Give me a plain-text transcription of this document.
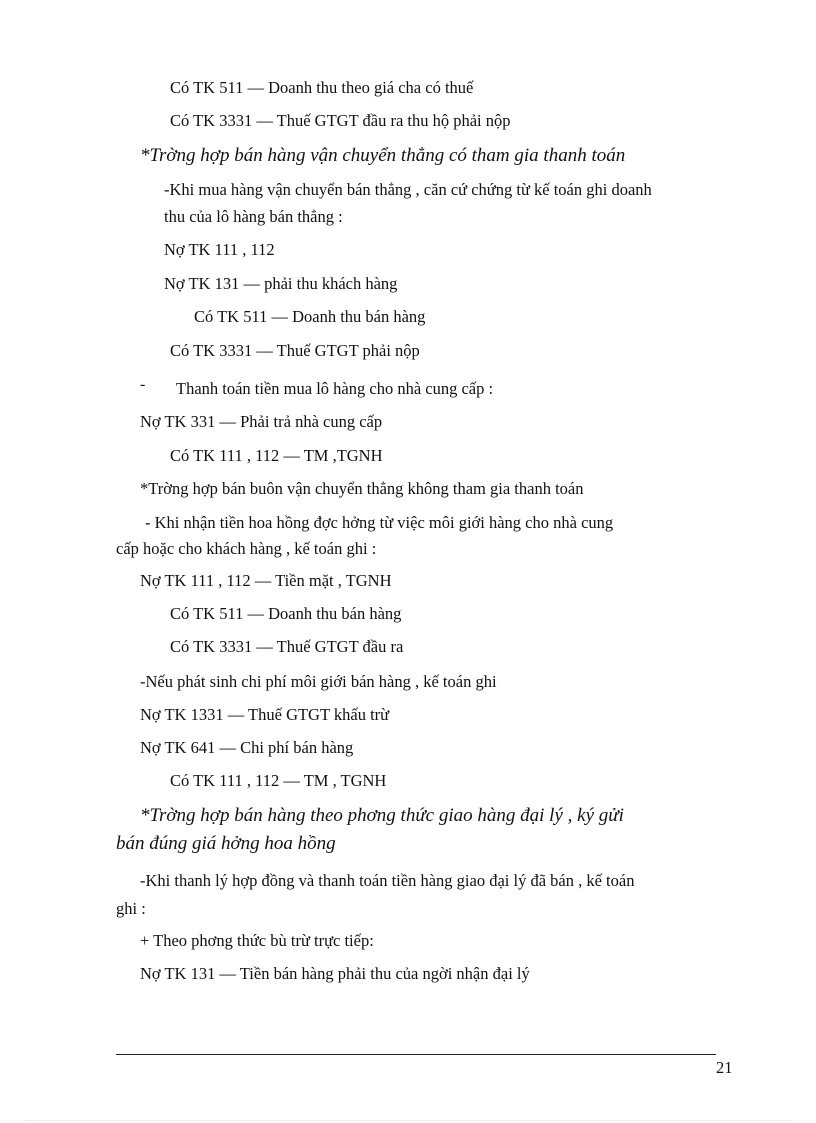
Có TK 511 — Doanh thu theo giá cha có thuế
Có TK 3331 — Thuế GTGT đầu ra thu hộ phải nộp
*Trờng hợp bán hàng vận chuyển thẳng có tham gia thanh toán
-Khi mua hàng vận chuyển bán thẳng , căn cứ chứng từ kế toán ghi doanh
thu của lô hàng bán thẳng :
Nợ TK 111 , 112
Nợ TK 131 — phải thu khách hàng
Có TK 511 — Doanh thu bán hàng
Có TK 3331 — Thuế GTGT phải nộp
- Thanh toán tiền mua lô hàng cho nhà cung cấp :
Nợ TK 331 — Phải trả nhà cung cấp
Có TK 111 , 112 — TM ,TGNH
*Trờng hợp bán buôn vận chuyển thẳng không tham gia thanh toán
- Khi nhận tiền hoa hồng đợc hởng từ việc môi giới hàng cho nhà cung
cấp hoặc cho khách hàng , kế toán ghi :
Nợ TK 111 , 112 — Tiền mặt , TGNH
Có TK 511 — Doanh thu bán hàng
Có TK 3331 — Thuế GTGT đầu ra
-Nếu phát sinh chi phí môi giới bán hàng , kế toán ghi
Nợ TK 1331 — Thuế GTGT khấu trừ
Nợ TK 641 — Chi phí bán hàng
Có TK 111 , 112 — TM , TGNH
*Trờng hợp bán hàng theo phơng thức giao hàng đại lý , ký gửi
bán đúng giá hởng hoa hồng
-Khi thanh lý hợp đồng và thanh toán tiền hàng giao đại lý đã bán , kế toán
ghi :
+ Theo phơng thức bù trừ trực tiếp:
Nợ TK 131 — Tiền bán hàng phải thu của ngời nhận đại lý
21
